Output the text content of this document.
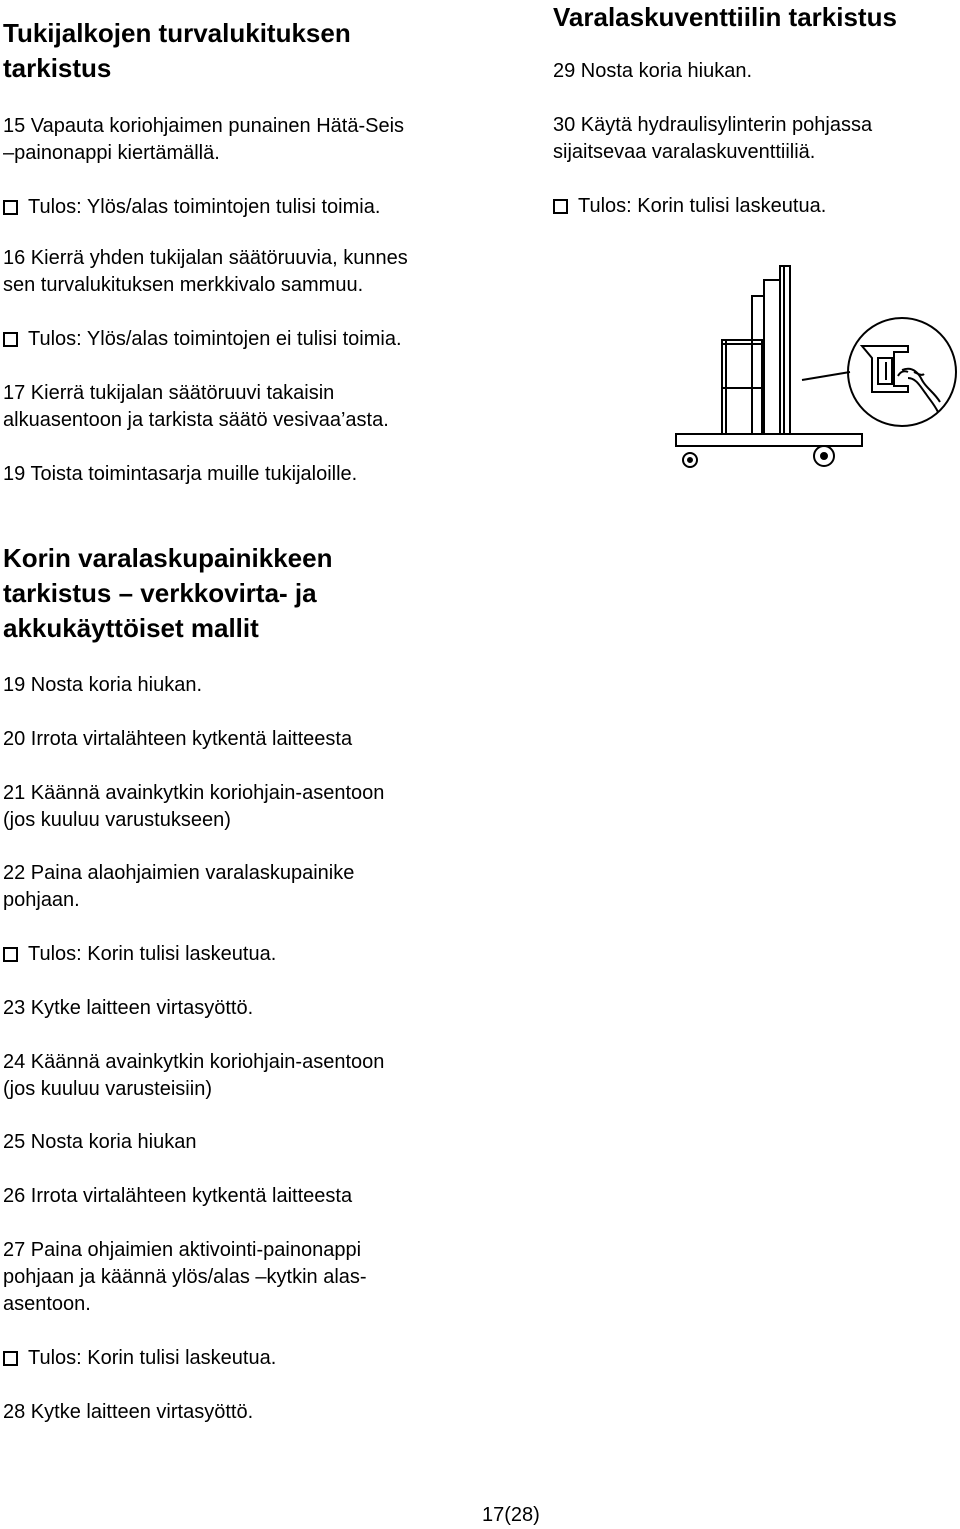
Tukijalkojen turvalukituksen
tarkistus
15 Vapauta koriohjaimen punainen Hätä-Seis
–painonappi kiertämällä.
Tulos: Ylös/alas toimintojen tulisi toimia.
16 Kierrä yhden tukijalan säätöruuvia, kunnes
sen turvalukituksen merkkivalo sammuu.
Tulos: Ylös/alas toimintojen ei tulisi toimia.
17 Kierrä tukijalan säätöruuvi takaisin
alkuasentoon ja tarkista säätö vesivaa’asta.
19 Toista toimintasarja muille tukijaloille.
Varalaskuventtiilin tarkistus
29 Nosta koria hiukan.
30 Käytä hydraulisylinterin pohjassa
sijaitsevaa varalaskuventtiiliä.
Tulos: Korin tulisi laskeutua.
Korin varalaskupainikkeen
tarkistus – verkkovirta- ja
akkukäyttöiset mallit
19 Nosta koria hiukan.
20 Irrota virtalähteen kytkentä laitteesta
21 Käännä avainkytkin koriohjain-asentoon
(jos kuuluu varustukseen)
22 Paina alaohjaimien varalaskupainike
pohjaan.
Tulos: Korin tulisi laskeutua.
23 Kytke laitteen virtasyöttö.
24 Käännä avainkytkin koriohjain-asentoon
(jos kuuluu varusteisiin)
25 Nosta koria hiukan
26 Irrota virtalähteen kytkentä laitteesta
27 Paina ohjaimien aktivointi-painonappi
pohjaan ja käännä ylös/alas –kytkin alas-
asentoon.
Tulos: Korin tulisi laskeutua.
28 Kytke laitteen virtasyöttö.
17(28)
